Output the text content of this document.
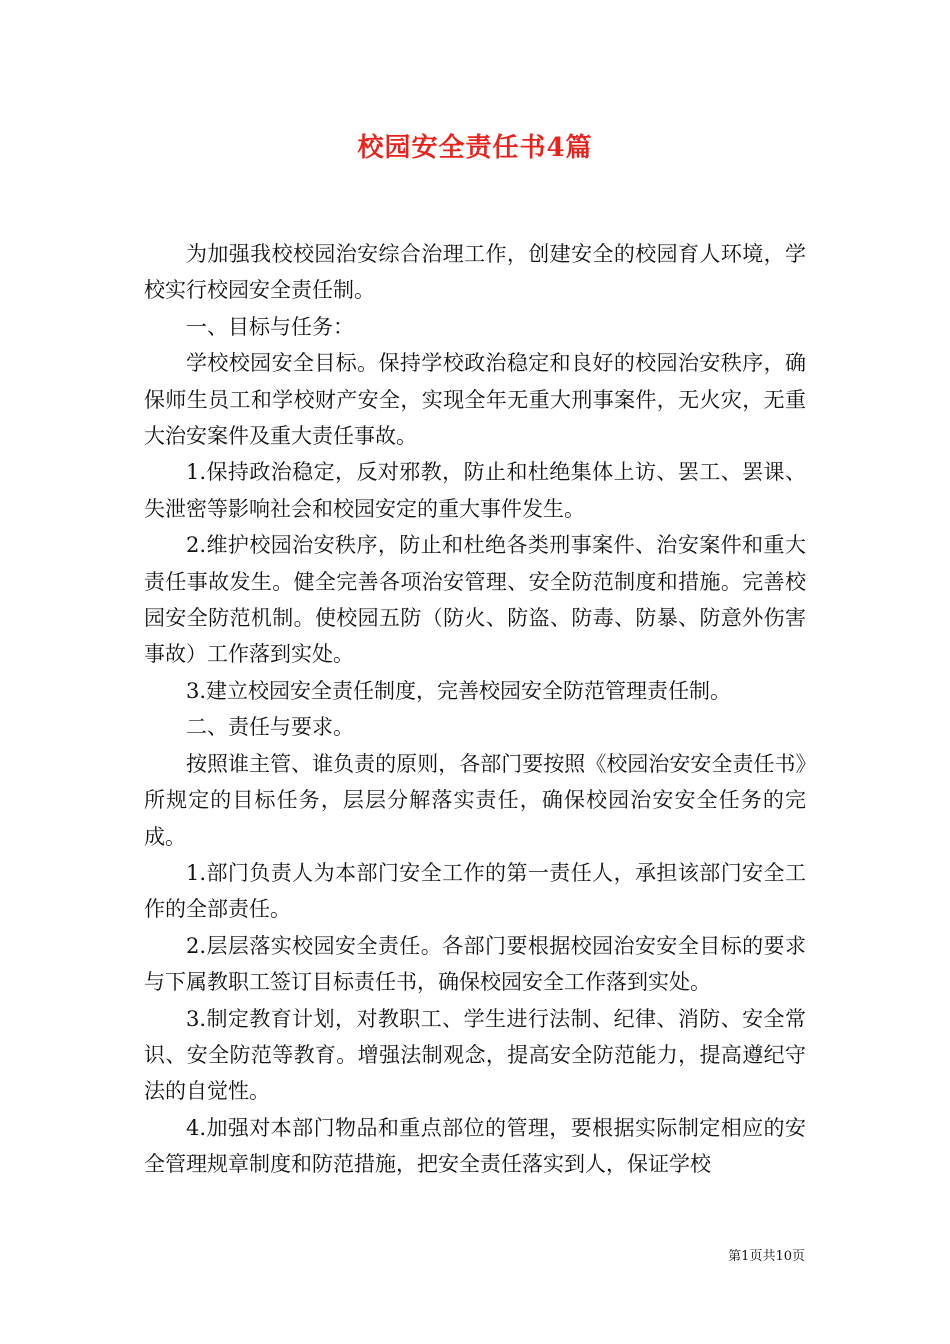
校园安全责任书4篇

为加强我校校园治安综合治理工作，创建安全的校园育人环境，学校实行校园安全责任制。

一、目标与任务：

学校校园安全目标。保持学校政治稳定和良好的校园治安秩序，确保师生员工和学校财产安全，实现全年无重大刑事案件，无火灾，无重大治安案件及重大责任事故。

1.保持政治稳定，反对邪教，防止和杜绝集体上访、罢工、罢课、失泄密等影响社会和校园安定的重大事件发生。

2.维护校园治安秩序，防止和杜绝各类刑事案件、治安案件和重大责任事故发生。健全完善各项治安管理、安全防范制度和措施。完善校园安全防范机制。使校园五防（防火、防盗、防毒、防暴、防意外伤害事故）工作落到实处。

3.建立校园安全责任制度，完善校园安全防范管理责任制。

二、责任与要求。

按照谁主管、谁负责的原则，各部门要按照《校园治安安全责任书》所规定的目标任务，层层分解落实责任，确保校园治安安全任务的完成。

1.部门负责人为本部门安全工作的第一责任人，承担该部门安全工作的全部责任。

2.层层落实校园安全责任。各部门要根据校园治安安全目标的要求与下属教职工签订目标责任书，确保校园安全工作落到实处。

3.制定教育计划，对教职工、学生进行法制、纪律、消防、安全常识、安全防范等教育。增强法制观念，提高安全防范能力，提高遵纪守法的自觉性。

4.加强对本部门物品和重点部位的管理，要根据实际制定相应的安全管理规章制度和防范措施，把安全责任落实到人，保证学校

第1页共10页
